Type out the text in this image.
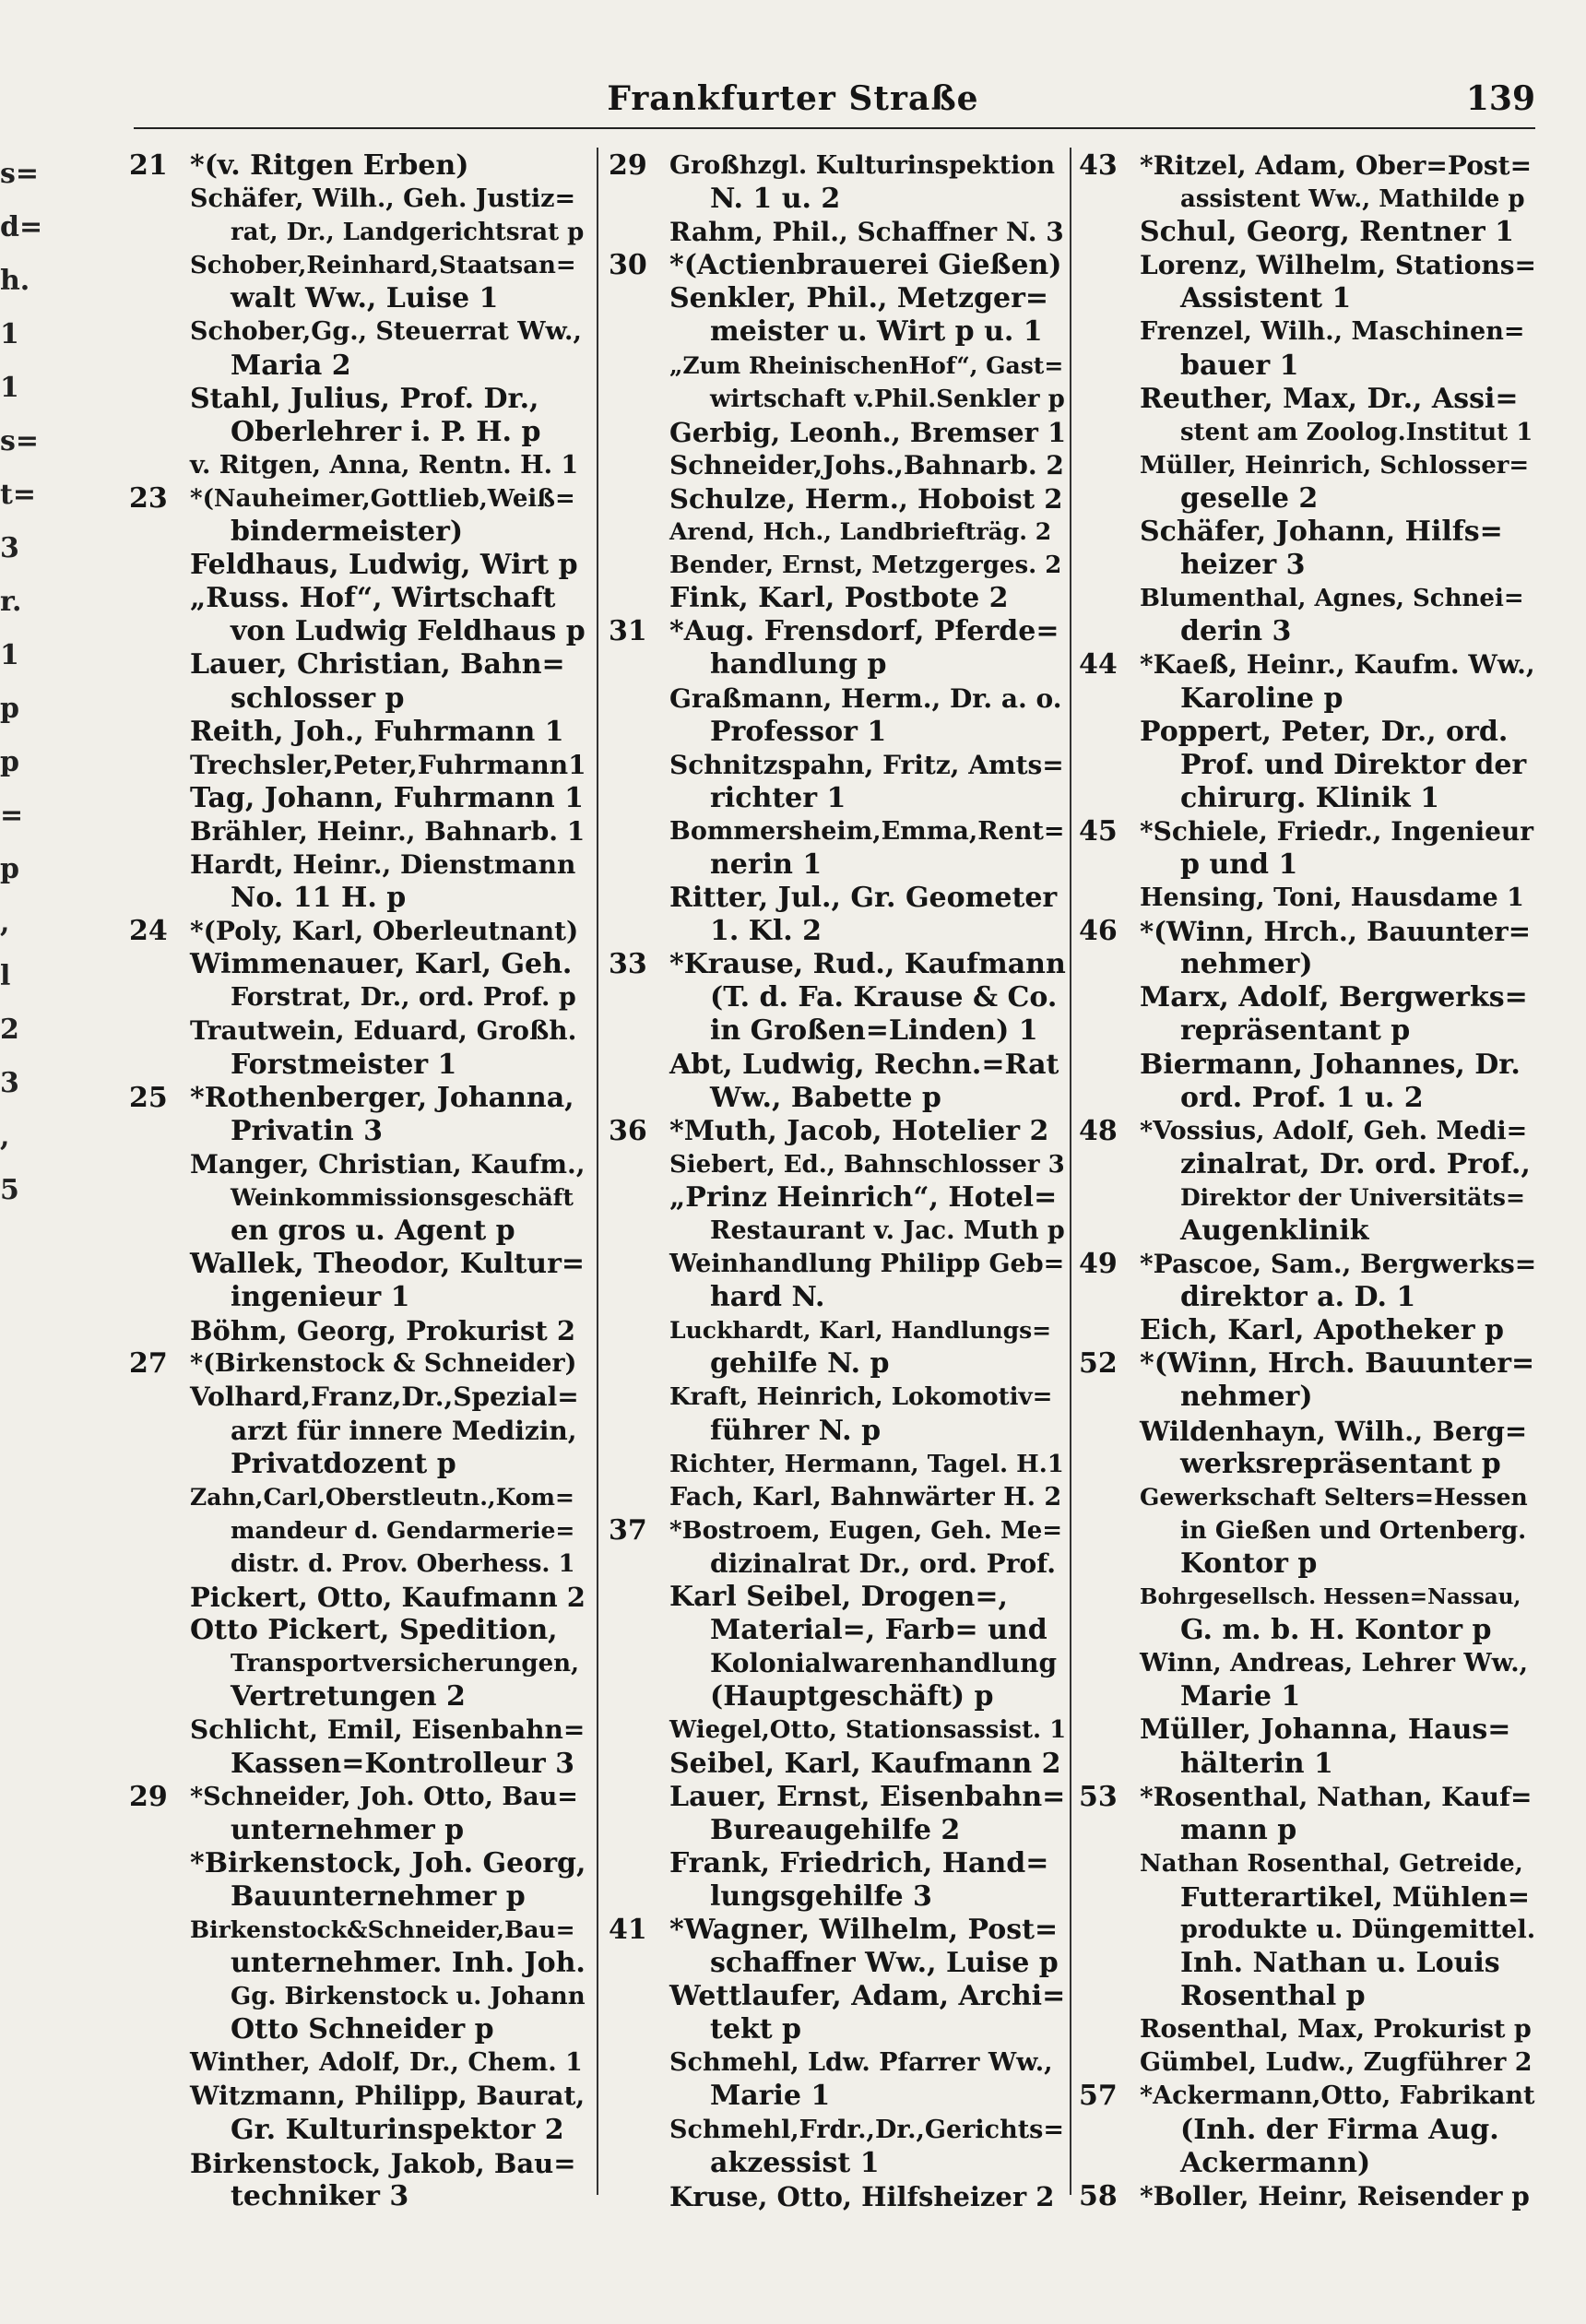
s=
d=
h.
1
1
s=
t=
3
r.
1
p
p
=
p
,
l
2
3
,
5
Frankfurter Straße	139
21 *(v. Ritgen Erben)
Schäfer, Wilh., Geh. Justiz=
rat, Dr., Landgerichtsrat p
Schober,Reinhard,Staatsan=
walt Ww., Luise 1
Schober,Gg., Steuerrat Ww.,
Maria 2
Stahl, Julius, Prof. Dr.,
Oberlehrer i. P. H. p
v. Ritgen, Anna, Rentn. H. 1
23 *(Nauheimer,Gottlieb,Weiß=
bindermeister)
Feldhaus, Ludwig, Wirt p
„Russ. Hof“, Wirtschaft
von Ludwig Feldhaus p
Lauer, Christian, Bahn=
schlosser p
Reith, Joh., Fuhrmann 1
Trechsler,Peter,Fuhrmann1
Tag, Johann, Fuhrmann 1
Brähler, Heinr., Bahnarb. 1
Hardt, Heinr., Dienstmann
No. 11 H. p
24 *(Poly, Karl, Oberleutnant)
Wimmenauer, Karl, Geh.
Forstrat, Dr., ord. Prof. p
Trautwein, Eduard, Großh.
Forstmeister 1
25 *Rothenberger, Johanna,
Privatin 3
Manger, Christian, Kaufm.,
Weinkommissionsgeschäft
en gros u. Agent p
Wallek, Theodor, Kultur=
ingenieur 1
Böhm, Georg, Prokurist 2
27 *(Birkenstock & Schneider)
Volhard,Franz,Dr.,Spezial=
arzt für innere Medizin,
Privatdozent p
Zahn,Carl,Oberstleutn.,Kom=
mandeur d. Gendarmerie=
distr. d. Prov. Oberhess. 1
Pickert, Otto, Kaufmann 2
Otto Pickert, Spedition,
Transportversicherungen,
Vertretungen 2
Schlicht, Emil, Eisenbahn=
Kassen=Kontrolleur 3
29 *Schneider, Joh. Otto, Bau=
unternehmer p
*Birkenstock, Joh. Georg,
Bauunternehmer p
Birkenstock&Schneider,Bau=
unternehmer. Inh. Joh.
Gg. Birkenstock u. Johann
Otto Schneider p
Winther, Adolf, Dr., Chem. 1
Witzmann, Philipp, Baurat,
Gr. Kulturinspektor 2
Birkenstock, Jakob, Bau=
techniker 3
29 Großhzgl. Kulturinspektion
N. 1 u. 2
Rahm, Phil., Schaffner N. 3
30 *(Actienbrauerei Gießen)
Senkler, Phil., Metzger=
meister u. Wirt p u. 1
„Zum RheinischenHof“, Gast=
wirtschaft v.Phil.Senkler p
Gerbig, Leonh., Bremser 1
Schneider,Johs.,Bahnarb. 2
Schulze, Herm., Hoboist 2
Arend, Hch., Landbriefträg. 2
Bender, Ernst, Metzgerges. 2
Fink, Karl, Postbote 2
31 *Aug. Frensdorf, Pferde=
handlung p
Graßmann, Herm., Dr. a. o.
Professor 1
Schnitzspahn, Fritz, Amts=
richter 1
Bommersheim,Emma,Rent=
nerin 1
Ritter, Jul., Gr. Geometer
1. Kl. 2
33 *Krause, Rud., Kaufmann
(T. d. Fa. Krause & Co.
in Großen=Linden) 1
Abt, Ludwig, Rechn.=Rat
Ww., Babette p
36 *Muth, Jacob, Hotelier 2
Siebert, Ed., Bahnschlosser 3
„Prinz Heinrich“, Hotel=
Restaurant v. Jac. Muth p
Weinhandlung Philipp Geb=
hard N.
Luckhardt, Karl, Handlungs=
gehilfe N. p
Kraft, Heinrich, Lokomotiv=
führer N. p
Richter, Hermann, Tagel. H.1
Fach, Karl, Bahnwärter H. 2
37 *Bostroem, Eugen, Geh. Me=
dizinalrat Dr., ord. Prof.
Karl Seibel, Drogen=,
Material=, Farb= und
Kolonialwarenhandlung
(Hauptgeschäft) p
Wiegel,Otto, Stationsassist. 1
Seibel, Karl, Kaufmann 2
Lauer, Ernst, Eisenbahn=
Bureaugehilfe 2
Frank, Friedrich, Hand=
lungsgehilfe 3
41 *Wagner, Wilhelm, Post=
schaffner Ww., Luise p
Wettlaufer, Adam, Archi=
tekt p
Schmehl, Ldw. Pfarrer Ww.,
Marie 1
Schmehl,Frdr.,Dr.,Gerichts=
akzessist 1
Kruse, Otto, Hilfsheizer 2
43 *Ritzel, Adam, Ober=Post=
assistent Ww., Mathilde p
Schul, Georg, Rentner 1
Lorenz, Wilhelm, Stations=
Assistent 1
Frenzel, Wilh., Maschinen=
bauer 1
Reuther, Max, Dr., Assi=
stent am Zoolog.Institut 1
Müller, Heinrich, Schlosser=
geselle 2
Schäfer, Johann, Hilfs=
heizer 3
Blumenthal, Agnes, Schnei=
derin 3
44 *Kaeß, Heinr., Kaufm. Ww.,
Karoline p
Poppert, Peter, Dr., ord.
Prof. und Direktor der
chirurg. Klinik 1
45 *Schiele, Friedr., Ingenieur
p und 1
Hensing, Toni, Hausdame 1
46 *(Winn, Hrch., Bauunter=
nehmer)
Marx, Adolf, Bergwerks=
repräsentant p
Biermann, Johannes, Dr.
ord. Prof. 1 u. 2
48 *Vossius, Adolf, Geh. Medi=
zinalrat, Dr. ord. Prof.,
Direktor der Universitäts=
Augenklinik
49 *Pascoe, Sam., Bergwerks=
direktor a. D. 1
Eich, Karl, Apotheker p
52 *(Winn, Hrch. Bauunter=
nehmer)
Wildenhayn, Wilh., Berg=
werksrepräsentant p
Gewerkschaft Selters=Hessen
in Gießen und Ortenberg.
Kontor p
Bohrgesellsch. Hessen=Nassau,
G. m. b. H. Kontor p
Winn, Andreas, Lehrer Ww.,
Marie 1
Müller, Johanna, Haus=
hälterin 1
53 *Rosenthal, Nathan, Kauf=
mann p
Nathan Rosenthal, Getreide,
Futterartikel, Mühlen=
produkte u. Düngemittel.
Inh. Nathan u. Louis
Rosenthal p
Rosenthal, Max, Prokurist p
Gümbel, Ludw., Zugführer 2
57 *Ackermann,Otto, Fabrikant
(Inh. der Firma Aug.
Ackermann)
58 *Boller, Heinr, Reisender p
